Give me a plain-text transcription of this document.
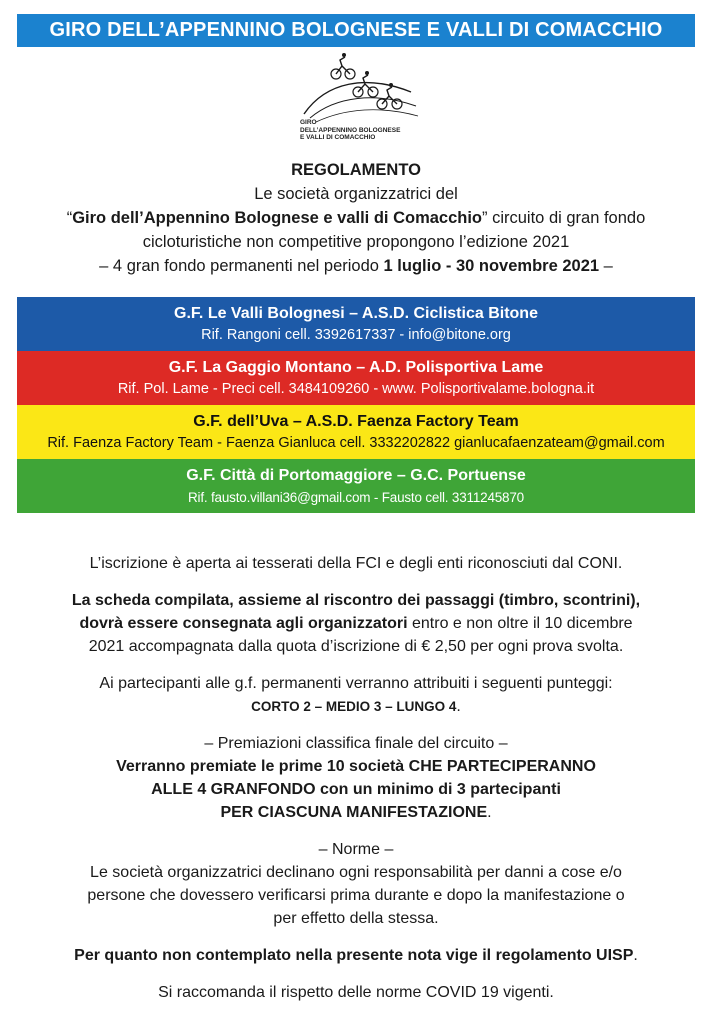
GIRO DELL’APPENNINO BOLOGNESE E VALLI DI COMACCHIO
GIRO
DELL’APPENNINO BOLOGNESE
E VALLI DI COMACCHIO
REGOLAMENTO
Le società organizzatrici del
“Giro dell’Appennino Bolognese e valli di Comacchio” circuito di gran fondo
cicloturistiche non competitive propongono l’edizione 2021
– 4 gran fondo permanenti nel periodo 1 luglio - 30 novembre 2021 –
G.F. Le Valli Bolognesi – A.S.D. Ciclistica Bitone
Rif. Rangoni cell. 3392617337 - info@bitone.org
G.F. La Gaggio Montano – A.D. Polisportiva Lame
Rif. Pol. Lame - Preci cell. 3484109260 - www. Polisportivalame.bologna.it
G.F. dell’Uva – A.S.D. Faenza Factory Team
Rif. Faenza Factory Team - Faenza Gianluca cell. 3332202822 gianlucafaenzateam@gmail.com
G.F. Città di Portomaggiore – G.C. Portuense
Rif. fausto.villani36@gmail.com - Fausto cell. 3311245870

L’iscrizione è aperta ai tesserati della FCI e degli enti riconosciuti dal CONI.

La scheda compilata, assieme al riscontro dei passaggi (timbro, scontrini),

dovrà essere consegnata agli organizzatori entro e non oltre il 10 dicembre

2021 accompagnata dalla quota d’iscrizione di € 2,50 per ogni prova svolta.

Ai partecipanti alle g.f. permanenti verranno attribuiti i seguenti punteggi:

CORTO 2 – MEDIO 3 – LUNGO 4.

– Premiazioni classifica finale del circuito –

Verranno premiate le prime 10 società CHE PARTECIPERANNO

ALLE 4 GRANFONDO con un minimo di 3 partecipanti

PER CIASCUNA MANIFESTAZIONE.

– Norme –

Le società organizzatrici declinano ogni responsabilità per danni a cose e/o

persone che dovessero verificarsi prima durante e dopo la manifestazione o

per effetto della stessa.

Per quanto non contemplato nella presente nota vige il regolamento UISP.

Si raccomanda il rispetto delle norme COVID 19 vigenti.
